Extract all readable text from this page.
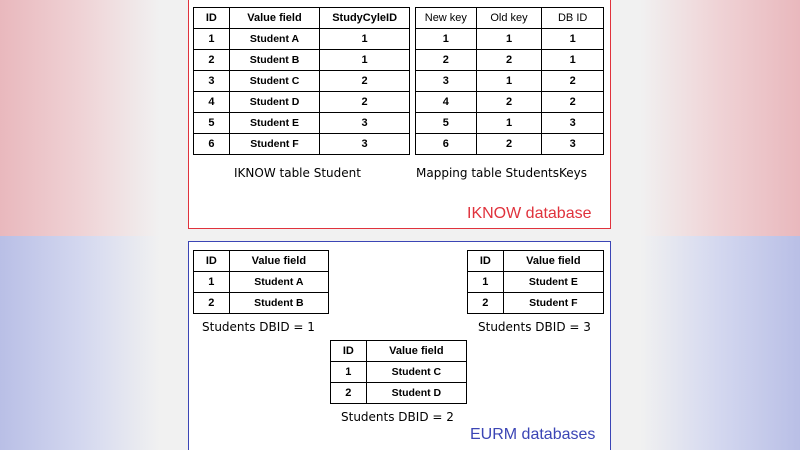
ID	Value field	StudyCyleID
1	Student A	1
2	Student B	1
3	Student C	2
4	Student D	2
5	Student E	3
6	Student F	3
IKNOW table Student
New key	Old key	DB ID
1	1	1
2	2	1
3	1	2
4	2	2
5	1	3
6	2	3
Mapping table StudentsKeys
IKNOW database
ID	Value field
1	Student A
2	Student B
Students DBID = 1
ID	Value field
1	Student E
2	Student F
Students DBID = 3
ID	Value field
1	Student C
2	Student D
Students DBID = 2
EURM databases
